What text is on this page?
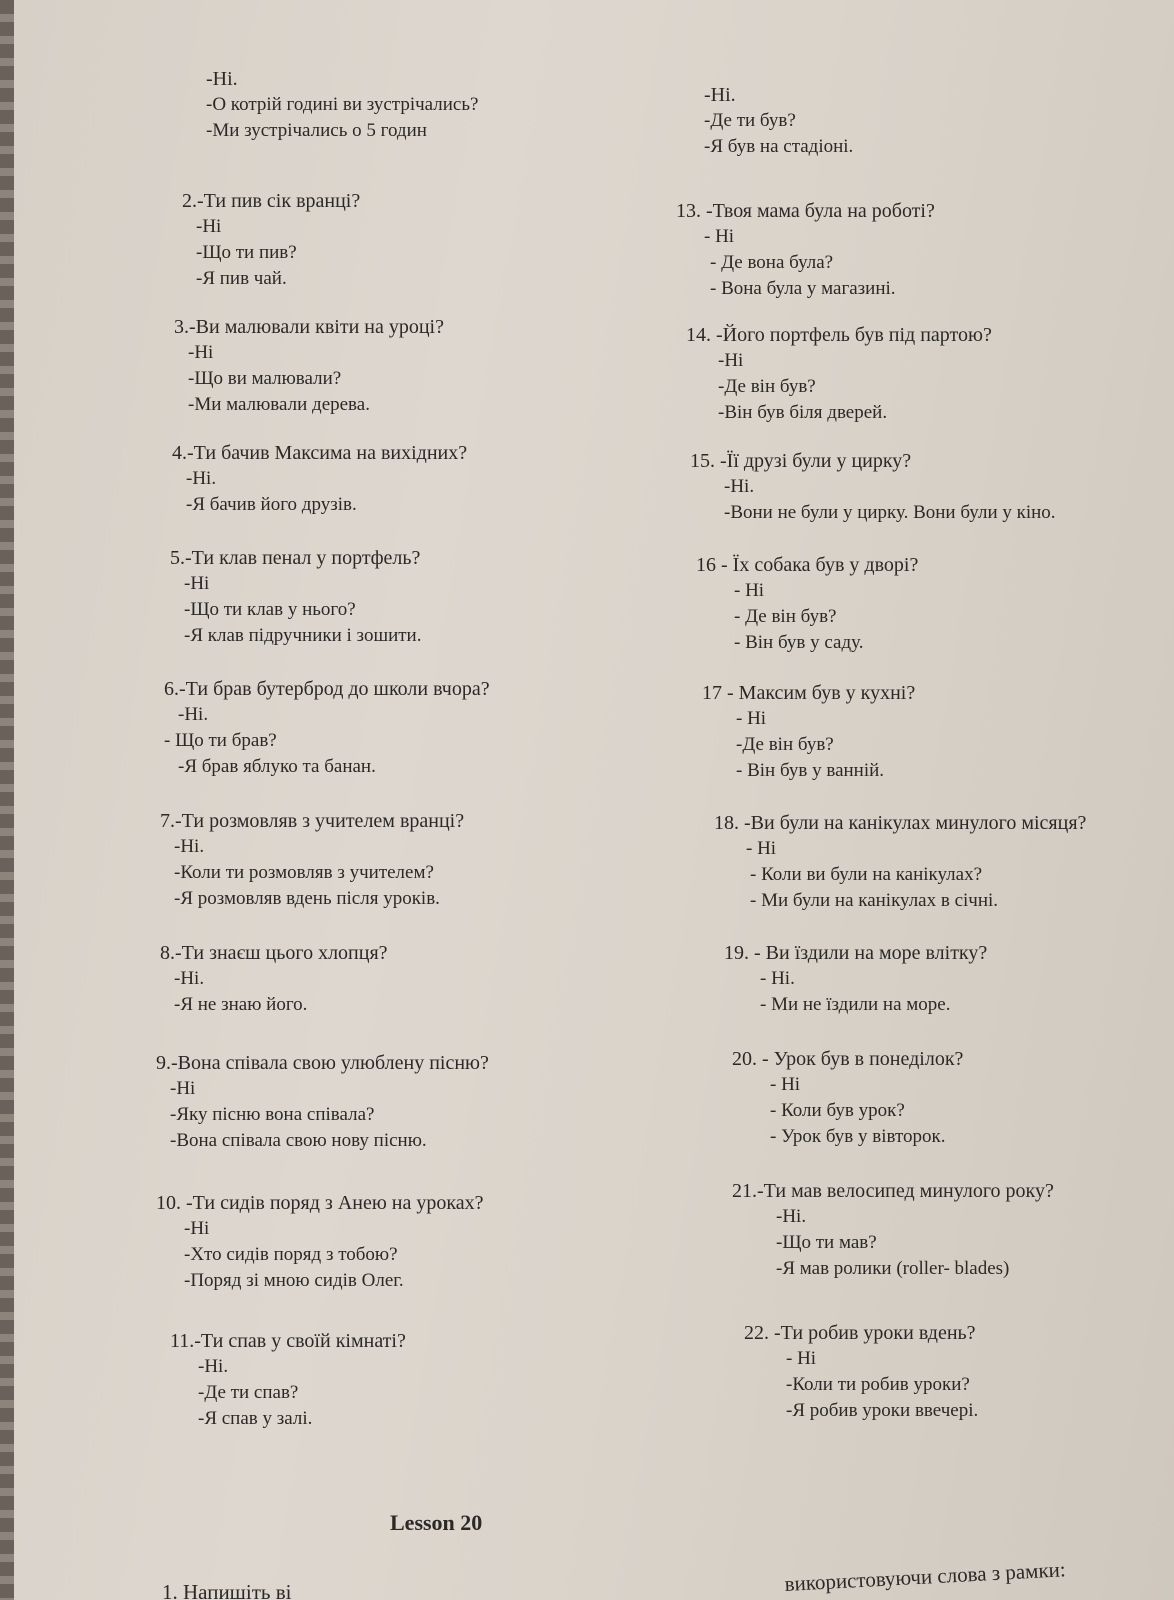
-Ні.
-О котрій годині ви зустрічались?
-Ми зустрічались о 5 годин
2.-Ти пив сік вранці?
-Ні
-Що ти пив?
-Я пив чай.
3.-Ви малювали квіти на уроці?
-Ні
-Що ви малювали?
-Ми малювали дерева.
4.-Ти бачив Максима на вихідних?
-Ні.
-Я бачив його друзів.
5.-Ти клав пенал у портфель?
-Ні
-Що ти клав у нього?
-Я клав підручники і зошити.
6.-Ти брав бутерброд до школи вчора?
-Ні.
- Що ти брав?
-Я брав яблуко та банан.
7.-Ти розмовляв з учителем вранці?
-Ні.
-Коли ти розмовляв з учителем?
-Я розмовляв вдень після уроків.
8.-Ти знаєш цього хлопця?
-Ні.
-Я не знаю його.
9.-Вона співала свою улюблену пісню?
-Ні
-Яку пісню вона співала?
-Вона співала свою нову пісню.
10. -Ти сидів поряд з Анею на уроках?
-Ні
-Хто сидів поряд з тобою?
-Поряд зі мною сидів Олег.
11.-Ти спав у своїй кімнаті?
-Ні.
-Де ти спав?
-Я спав у залі.
-Ні.
-Де ти був?
-Я був на стадіоні.
13. -Твоя мама була на роботі?
- Ні
- Де вона була?
- Вона була у магазині.
14. -Його портфель був під партою?
-Ні
-Де він був?
-Він був біля дверей.
15. -Її друзі були у цирку?
-Ні.
-Вони не були у цирку. Вони були у кіно.
16 - Їх собака був у дворі?
- Ні
- Де він був?
- Він був у саду.
17 - Максим був у кухні?
- Ні
-Де він був?
- Він був у ванній.
18. -Ви були на канікулах минулого місяця?
- Ні
- Коли ви були на канікулах?
- Ми були на канікулах в січні.
19. - Ви їздили на море влітку?
- Ні.
- Ми не їздили на море.
20. - Урок був в понеділок?
- Ні
- Коли був урок?
- Урок був у вівторок.
21.-Ти мав велосипед минулого року?
-Ні.
-Що ти мав?
-Я мав ролики (roller- blades)
22. -Ти робив уроки вдень?
- Ні
-Коли ти робив уроки?
-Я робив уроки ввечері.
Lesson 20
1. Напишіть ві	використовуючи слова з рамки:
